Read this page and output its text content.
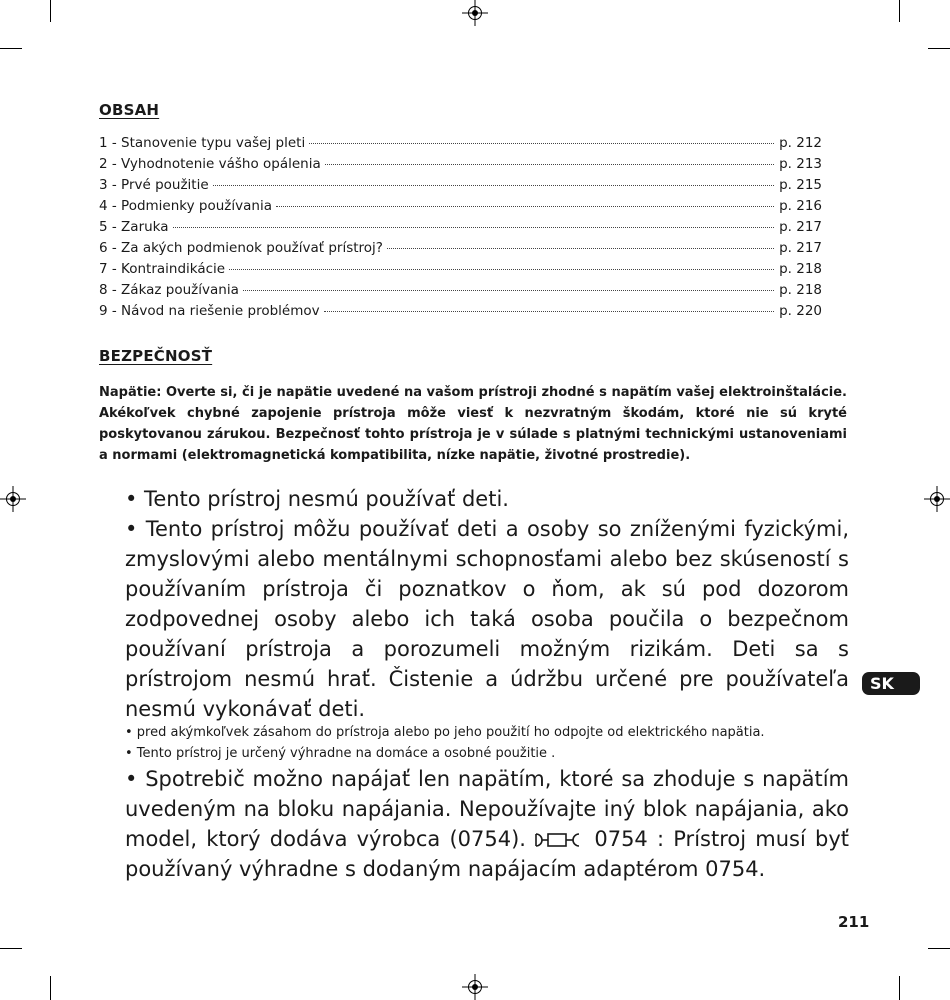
OBSAH
1 - Stanovenie typu vašej pleti	p. 212
2 - Vyhodnotenie vášho opálenia	p. 213
3 - Prvé použitie	p. 215
4 - Podmienky používania	p. 216
5 - Zaruka	p. 217
6 - Za akých podmienok používať prístroj?	p. 217
7 - Kontraindikácie	p. 218
8 - Zákaz používania	p. 218
9 - Návod na riešenie problémov	p. 220
BEZPEČNOSŤ

Napätie: Overte si, či je napätie uvedené na vašom prístroji zhodné s napätím vašej elektroinštalácie. Akékoľvek chybné zapojenie prístroja môže viesť k nezvratným škodám, ktoré nie sú kryté poskytovanou zárukou. Bezpečnosť tohto prístroja je v súlade s platnými technickými ustanoveniami a normami (elektromagnetická kompatibilita, nízke napätie, životné prostredie).

• Tento prístroj nesmú používať deti.

• Tento prístroj môžu používať deti a osoby so zníženými fyzickými, zmyslovými alebo mentálnymi schopnosťami alebo bez skúseností s používaním prístroja či poznatkov o ňom, ak sú pod dozorom zodpovednej osoby alebo ich taká osoba poučila o bezpečnom používaní prístroja a porozumeli možným rizikám. Deti sa s prístrojom nesmú hrať. Čistenie a údržbu určené pre používateľa nesmú vykonávať deti.

• pred akýmkoľvek zásahom do prístroja alebo po jeho použití ho odpojte od elektrického napätia.

• Tento prístroj je určený výhradne na domáce a osobné použitie .

• Spotrebič možno napájať len napätím, ktoré sa zhoduje s napätím uvedeným na bloku napájania. Nepoužívajte iný blok napájania, ako model, ktorý dodáva výrobca (0754).	0754 : Prístroj musí byť používaný výhradne s dodaným napájacím adaptérom 0754.

SK
211
